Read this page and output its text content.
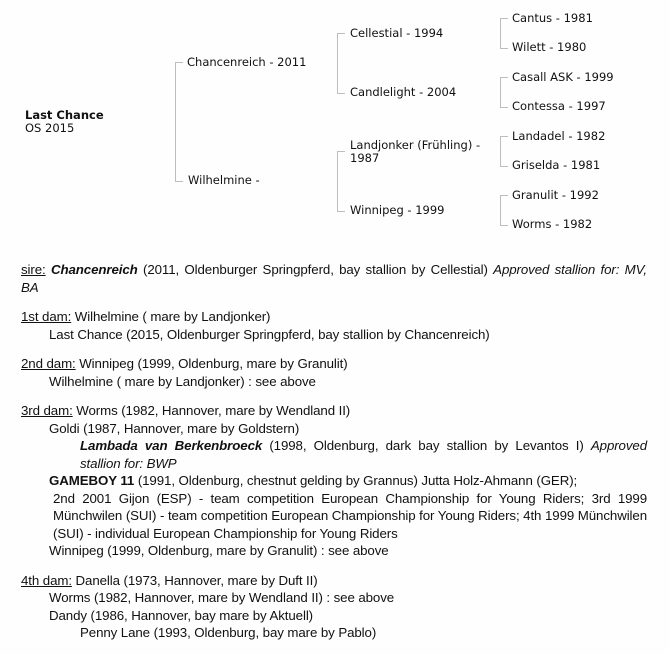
Last Chance
OS 2015
Chancenreich - 2011
Wilhelmine -
Cellestial - 1994
Candlelight - 2004
Landjonker (Frühling) -
1987
Winnipeg - 1999
Cantus - 1981
Wilett - 1980
Casall ASK - 1999
Contessa - 1997
Landadel - 1982
Griselda - 1981
Granulit - 1992
Worms - 1982
sire: Chancenreich (2011, Oldenburger Springpferd, bay stallion by Cellestial) Approved stallion for: MV, BA

1st dam: Wilhelmine ( mare by Landjonker)

Last Chance (2015, Oldenburger Springpferd, bay stallion by Chancenreich)

2nd dam: Winnipeg (1999, Oldenburg, mare by Granulit)

Wilhelmine ( mare by Landjonker) : see above

3rd dam: Worms (1982, Hannover, mare by Wendland II)

Goldi (1987, Hannover, mare by Goldstern)

Lambada van Berkenbroeck (1998, Oldenburg, dark bay stallion by Levantos I) Approved stallion for: BWP

GAMEBOY 11 (1991, Oldenburg, chestnut gelding by Grannus) Jutta Holz-Ahmann (GER);

2nd 2001 Gijon (ESP) - team competition European Championship for Young Riders; 3rd 1999 Münchwilen (SUI) - team competition European Championship for Young Riders; 4th 1999 Münchwilen (SUI) - individual European Championship for Young Riders

Winnipeg (1999, Oldenburg, mare by Granulit) : see above

4th dam: Danella (1973, Hannover, mare by Duft II)

Worms (1982, Hannover, mare by Wendland II) : see above

Dandy (1986, Hannover, bay mare by Aktuell)

Penny Lane (1993, Oldenburg, bay mare by Pablo)
